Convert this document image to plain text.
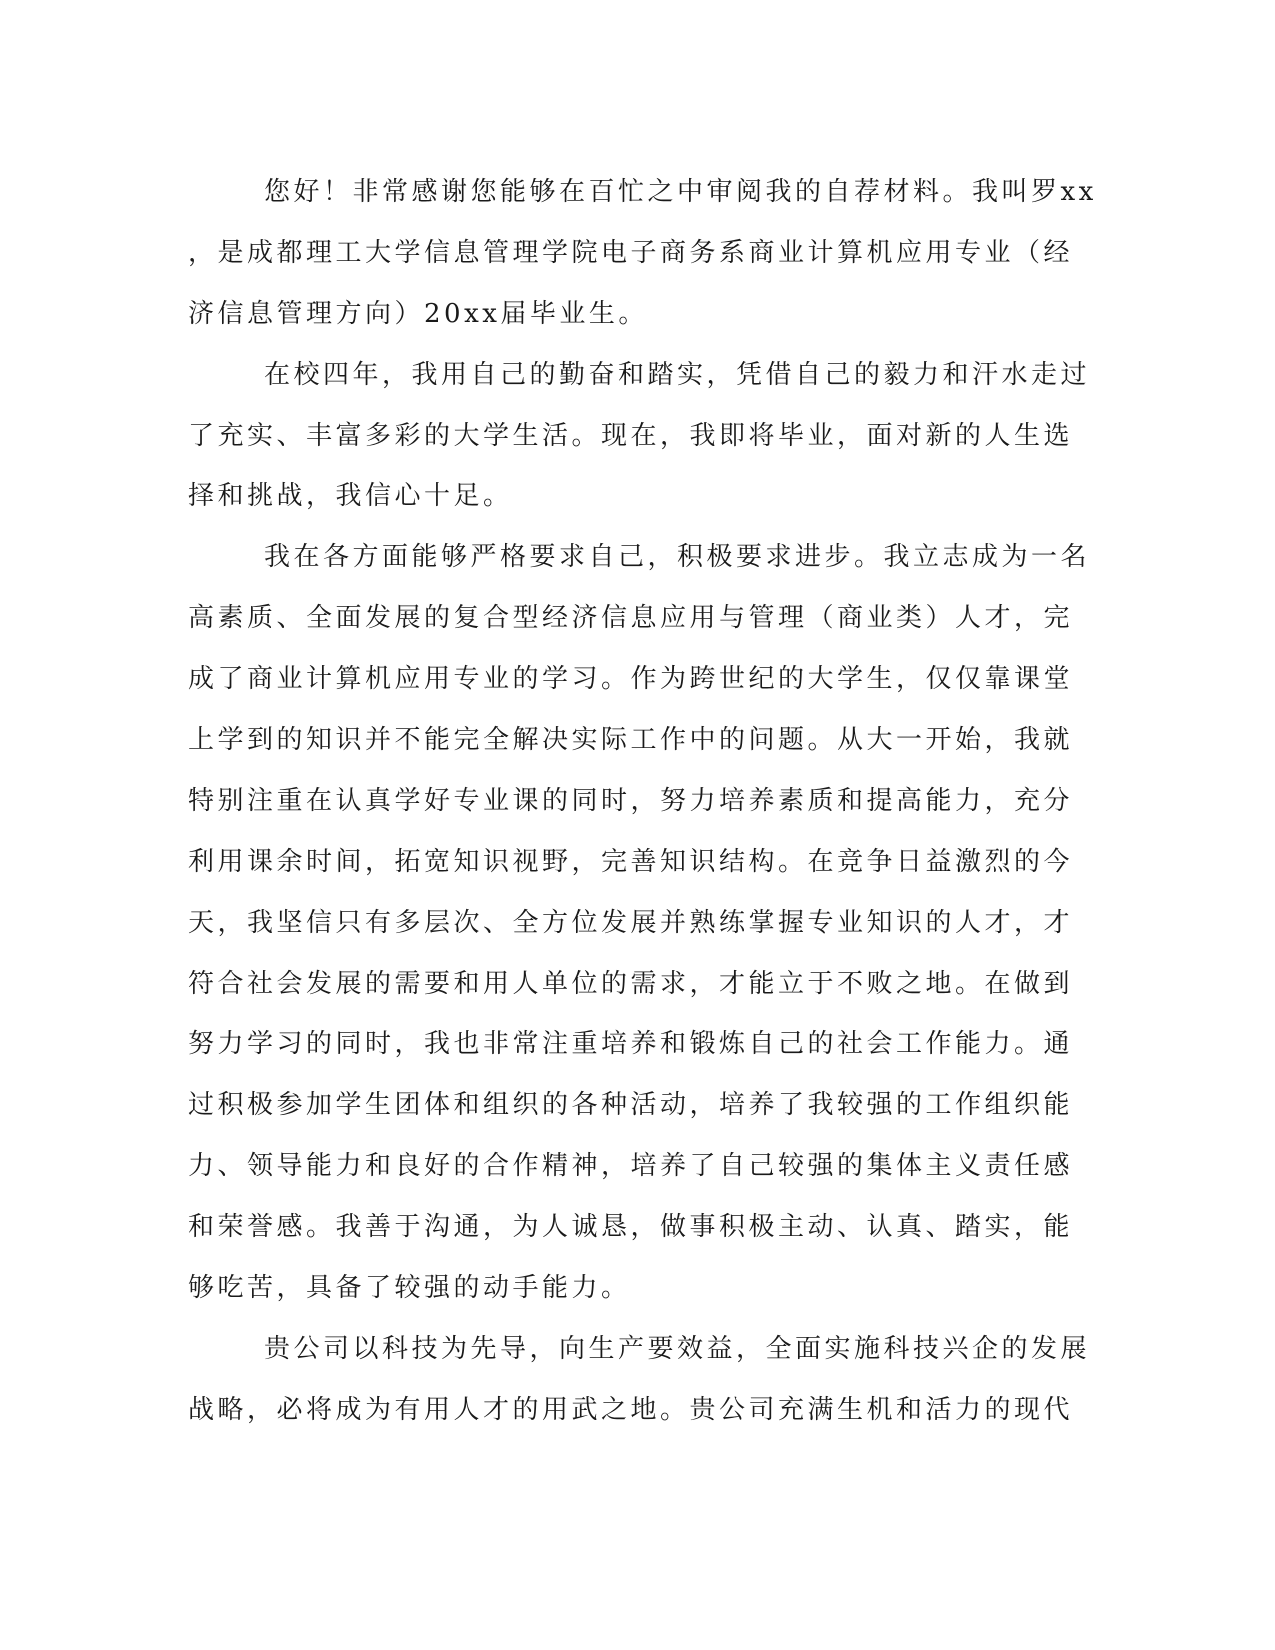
您好！非常感谢您能够在百忙之中审阅我的自荐材料。我叫罗xx
，是成都理工大学信息管理学院电子商务系商业计算机应用专业（经
济信息管理方向）20xx届毕业生。
在校四年，我用自己的勤奋和踏实，凭借自己的毅力和汗水走过
了充实、丰富多彩的大学生活。现在，我即将毕业，面对新的人生选
择和挑战，我信心十足。
我在各方面能够严格要求自己，积极要求进步。我立志成为一名
高素质、全面发展的复合型经济信息应用与管理（商业类）人才，完
成了商业计算机应用专业的学习。作为跨世纪的大学生，仅仅靠课堂
上学到的知识并不能完全解决实际工作中的问题。从大一开始，我就
特别注重在认真学好专业课的同时，努力培养素质和提高能力，充分
利用课余时间，拓宽知识视野，完善知识结构。在竞争日益激烈的今
天，我坚信只有多层次、全方位发展并熟练掌握专业知识的人才，才
符合社会发展的需要和用人单位的需求，才能立于不败之地。在做到
努力学习的同时，我也非常注重培养和锻炼自己的社会工作能力。通
过积极参加学生团体和组织的各种活动，培养了我较强的工作组织能
力、领导能力和良好的合作精神，培养了自己较强的集体主义责任感
和荣誉感。我善于沟通，为人诚恳，做事积极主动、认真、踏实，能
够吃苦，具备了较强的动手能力。
贵公司以科技为先导，向生产要效益，全面实施科技兴企的发展
战略，必将成为有用人才的用武之地。贵公司充满生机和活力的现代
